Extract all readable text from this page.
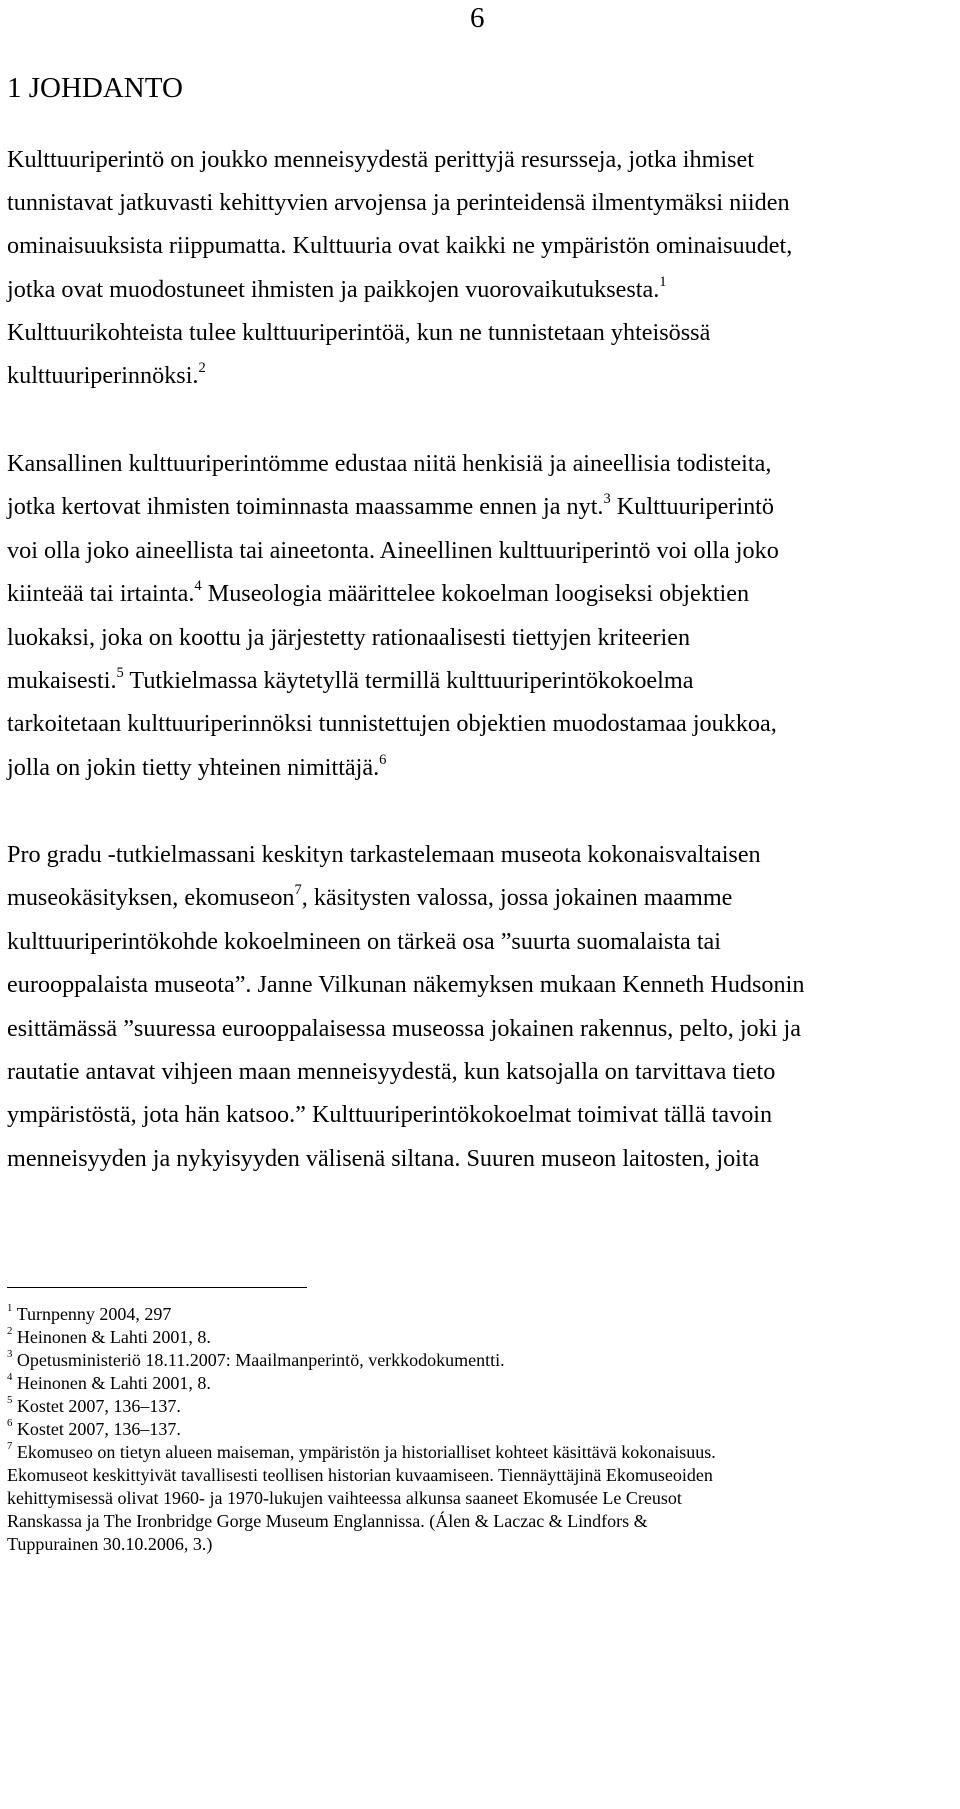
6
1 JOHDANTO
Kulttuuriperintö on joukko menneisyydestä perittyjä resursseja, jotka ihmiset
tunnistavat jatkuvasti kehittyvien arvojensa ja perinteidensä ilmentymäksi niiden
ominaisuuksista riippumatta. Kulttuuria ovat kaikki ne ympäristön ominaisuudet,
jotka ovat muodostuneet ihmisten ja paikkojen vuorovaikutuksesta.$^1$
Kulttuurikohteista tulee kulttuuriperintöä, kun ne tunnistetaan yhteisössä
kulttuuriperinnöksi.$^2$
Kansallinen kulttuuriperintömme edustaa niitä henkisiä ja aineellisia todisteita,
jotka kertovat ihmisten toiminnasta maassamme ennen ja nyt.$^3$ Kulttuuriperintö
voi olla joko aineellista tai aineetonta. Aineellinen kulttuuriperintö voi olla joko
kiinteää tai irtainta.$^4$ Museologia määrittelee kokoelman loogiseksi objektien
luokaksi, joka on koottu ja järjestetty rationaalisesti tiettyjen kriteerien
mukaisesti.$^5$ Tutkielmassa käytetyllä termillä kulttuuriperintökokoelma
tarkoitetaan kulttuuriperinnöksi tunnistettujen objektien muodostamaa joukkoa,
jolla on jokin tietty yhteinen nimittäjä.$^6$
Pro gradu -tutkielmassani keskityn tarkastelemaan museota kokonaisvaltaisen
museokäsityksen, ekomuseon$^7$, käsitysten valossa, jossa jokainen maamme
kulttuuriperintökohde kokoelmineen on tärkeä osa ”suurta suomalaista tai
eurooppalaista museota”. Janne Vilkunan näkemyksen mukaan Kenneth Hudsonin
esittämässä ”suuressa eurooppalaisessa museossa jokainen rakennus, pelto, joki ja
rautatie antavat vihjeen maan menneisyydestä, kun katsojalla on tarvittava tieto
ympäristöstä, jota hän katsoo.” Kulttuuriperintökokoelmat toimivat tällä tavoin
menneisyyden ja nykyisyyden välisenä siltana. Suuren museon laitosten, joita
$^1$ Turnpenny 2004, 297
$^2$ Heinonen & Lahti 2001, 8.
$^3$ Opetusministeriö 18.11.2007: Maailmanperintö, verkkodokumentti.
$^4$ Heinonen & Lahti 2001, 8.
$^5$ Kostet 2007, 136–137.
$^6$ Kostet 2007, 136–137.
$^7$ Ekomuseo on tietyn alueen maiseman, ympäristön ja historialliset kohteet käsittävä kokonaisuus.
Ekomuseot keskittyivät tavallisesti teollisen historian kuvaamiseen. Tiennäyttäjinä Ekomuseoiden
kehittymisessä olivat 1960- ja 1970-lukujen vaihteessa alkunsa saaneet Ekomusée Le Creusot
Ranskassa ja The Ironbridge Gorge Museum Englannissa. (Álen & Laczac & Lindfors &
Tuppurainen 30.10.2006, 3.)
